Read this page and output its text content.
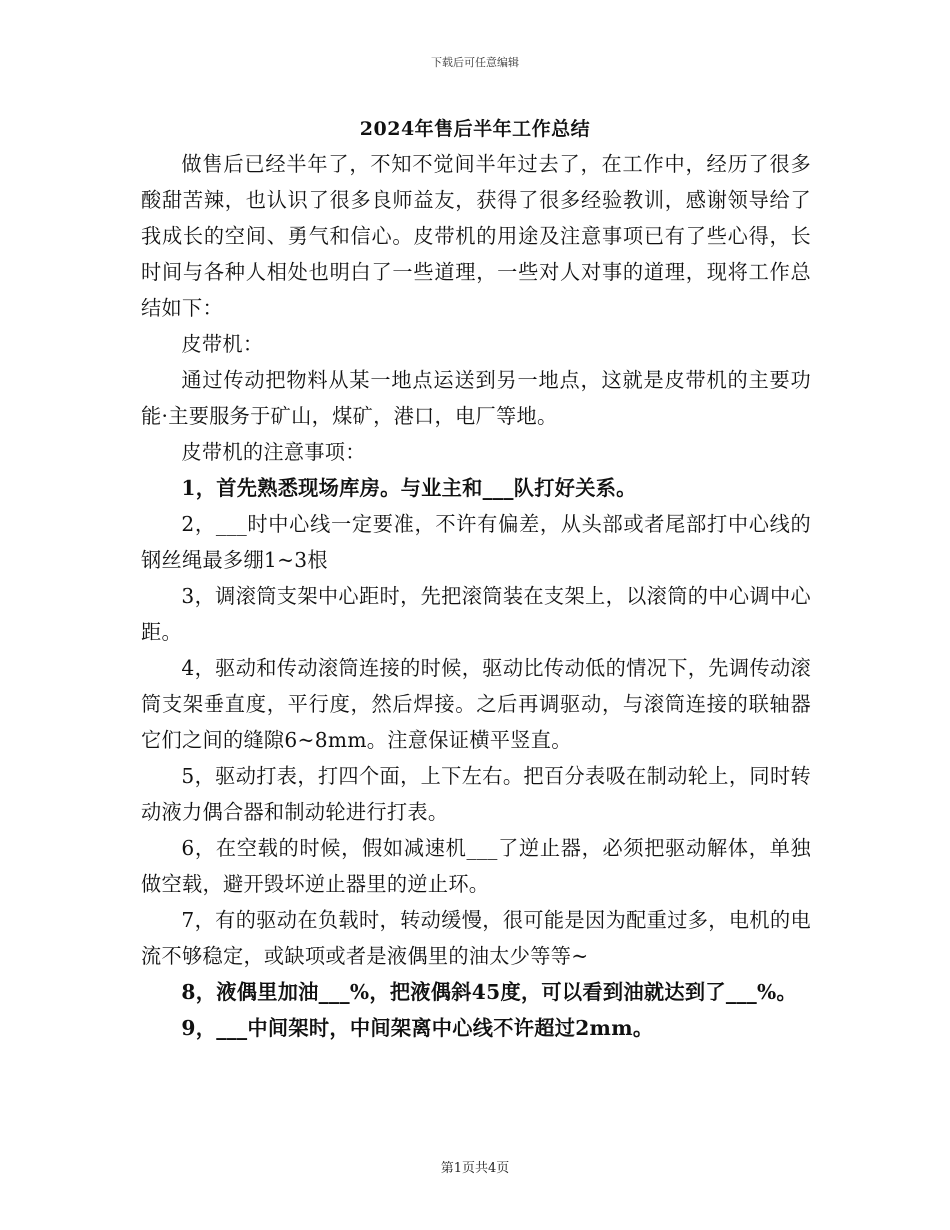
下载后可任意编辑
2024年售后半年工作总结

做售后已经半年了，不知不觉间半年过去了，在工作中，经历了很多酸甜苦辣，也认识了很多良师益友，获得了很多经验教训，感谢领导给了我成长的空间、勇气和信心。皮带机的用途及注意事项已有了些心得，长时间与各种人相处也明白了一些道理，一些对人对事的道理，现将工作总结如下：

皮带机：

通过传动把物料从某一地点运送到另一地点，这就是皮带机的主要功能·主要服务于矿山，煤矿，港口，电厂等地。

皮带机的注意事项：

1，首先熟悉现场库房。与业主和___队打好关系。

2，___时中心线一定要准，不许有偏差，从头部或者尾部打中心线的钢丝绳最多绷1~3根

3，调滚筒支架中心距时，先把滚筒装在支架上，以滚筒的中心调中心距。

4，驱动和传动滚筒连接的时候，驱动比传动低的情况下，先调传动滚筒支架垂直度，平行度，然后焊接。之后再调驱动，与滚筒连接的联轴器它们之间的缝隙6~8mm。注意保证横平竖直。

5，驱动打表，打四个面，上下左右。把百分表吸在制动轮上，同时转动液力偶合器和制动轮进行打表。

6，在空载的时候，假如减速机___了逆止器，必须把驱动解体，单独做空载，避开毁坏逆止器里的逆止环。

7，有的驱动在负载时，转动缓慢，很可能是因为配重过多，电机的电流不够稳定，或缺项或者是液偶里的油太少等等~

8，液偶里加油___%，把液偶斜45度，可以看到油就达到了___%。

9，___中间架时，中间架离中心线不许超过2mm。

第1页共4页
